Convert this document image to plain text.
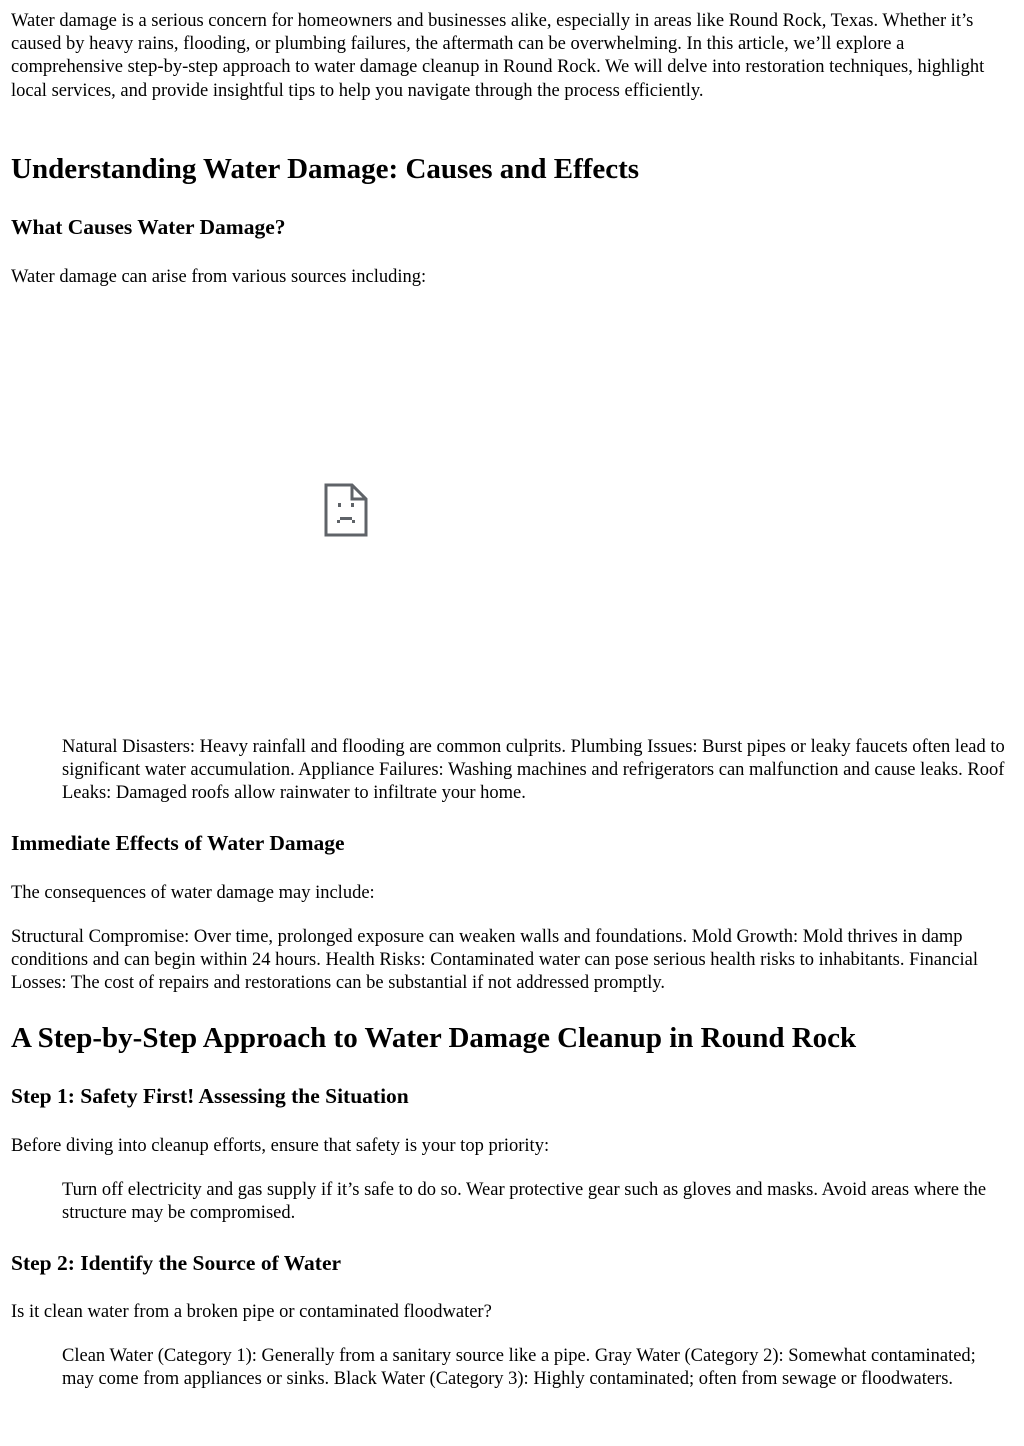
Water damage is a serious concern for homeowners and businesses alike, especially in areas like Round Rock, Texas. Whether it’s caused by heavy rains, flooding, or plumbing failures, the aftermath can be overwhelming. In this article, we’ll explore a comprehensive step-by-step approach to water damage cleanup in Round Rock. We will delve into restoration techniques, highlight local services, and provide insightful tips to help you navigate through the process efficiently.

Understanding Water Damage: Causes and Effects
What Causes Water Damage?

Water damage can arise from various sources including:

Natural Disasters: Heavy rainfall and flooding are common culprits. Plumbing Issues: Burst pipes or leaky faucets often lead to significant water accumulation. Appliance Failures: Washing machines and refrigerators can malfunction and cause leaks. Roof Leaks: Damaged roofs allow rainwater to infiltrate your home.

Immediate Effects of Water Damage

The consequences of water damage may include:

Structural Compromise: Over time, prolonged exposure can weaken walls and foundations. Mold Growth: Mold thrives in damp conditions and can begin within 24 hours. Health Risks: Contaminated water can pose serious health risks to inhabitants. Financial Losses: The cost of repairs and restorations can be substantial if not addressed promptly.

A Step-by-Step Approach to Water Damage Cleanup in Round Rock
Step 1: Safety First! Assessing the Situation

Before diving into cleanup efforts, ensure that safety is your top priority:

Turn off electricity and gas supply if it’s safe to do so. Wear protective gear such as gloves and masks. Avoid areas where the structure may be compromised.

Step 2: Identify the Source of Water

Is it clean water from a broken pipe or contaminated floodwater?

Clean Water (Category 1): Generally from a sanitary source like a pipe. Gray Water (Category 2): Somewhat contaminated; may come from appliances or sinks. Black Water (Category 3): Highly contaminated; often from sewage or floodwaters.
